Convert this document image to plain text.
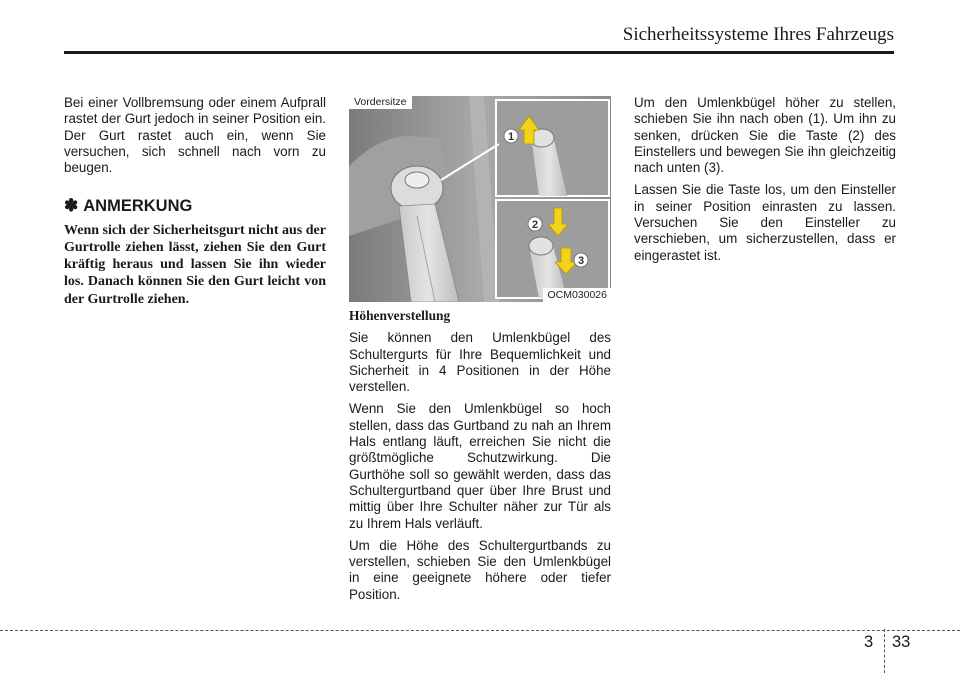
Sicherheitssysteme Ihres Fahrzeugs

Bei einer Vollbremsung oder einem Aufprall rastet der Gurt jedoch in seiner Position ein. Der Gurt rastet auch ein, wenn Sie versuchen, sich schnell nach vorn zu beugen.

✽ ANMERKUNG

Wenn sich der Sicherheitsgurt nicht aus der Gurtrolle ziehen lässt, ziehen Sie den Gurt kräftig heraus und lassen Sie ihn wieder los. Danach können Sie den Gurt leicht von der Gurtrolle ziehen.

1
2
3
Vordersitze
OCM030026

Höhenverstellung

Sie können den Umlenkbügel des Schultergurts für Ihre Bequemlichkeit und Sicherheit in 4 Positionen in der Höhe verstellen.

Wenn Sie den Umlenkbügel so hoch stellen, dass das Gurtband zu nah an Ihrem Hals entlang läuft, erreichen Sie nicht die größtmögliche Schutzwirkung. Die Gurthöhe soll so gewählt werden, dass das Schultergurtband quer über Ihre Brust und mittig über Ihre Schulter näher zur Tür als zu Ihrem Hals verläuft.

Um die Höhe des Schultergurtbands zu verstellen, schieben Sie den Umlenkbügel in eine geeignete höhere oder tiefer Position.

Um den Umlenkbügel höher zu stellen, schieben Sie ihn nach oben (1). Um ihn zu senken, drücken Sie die Taste (2) des Einstellers und bewegen Sie ihn gleichzeitig nach unten (3).

Lassen Sie die Taste los, um den Einsteller in seiner Position einrasten zu lassen. Versuchen Sie den Einsteller zu verschieben, um sicherzustellen, dass er eingerastet ist.

3	33
